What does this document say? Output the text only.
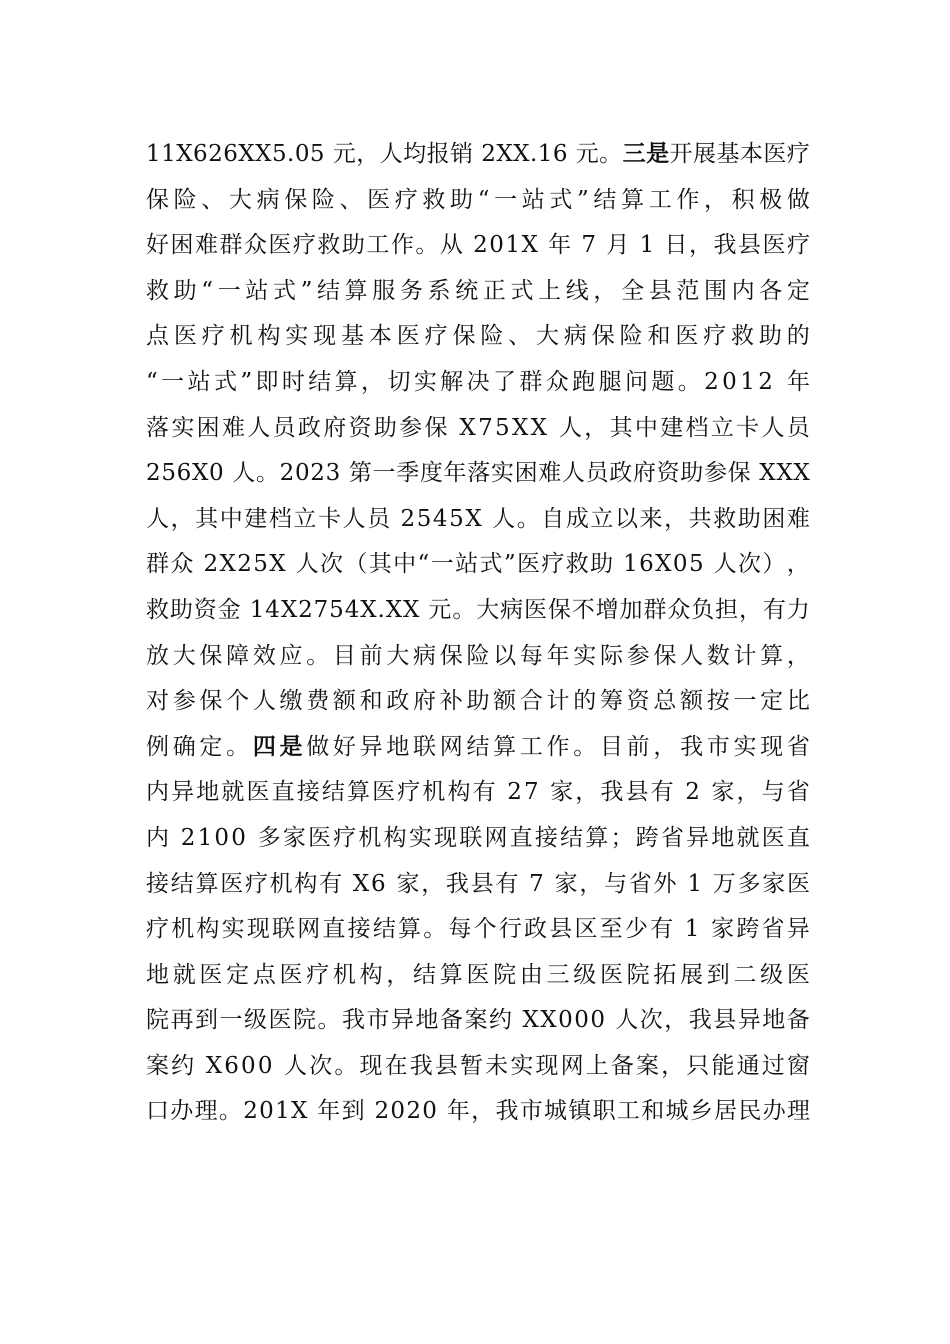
1 1 X 6 2 6 X X 5 . 0 5
元 ， 人 均 报 销
2 X X . 1 6
元 。 三 是 开 展 基 本 医 疗
保 险 、 大 病 保 险 、 医 疗 救 助 “ 一 站 式 ” 结 算 工 作 ， 积 极 做
好 困 难 群 众 医 疗 救 助 工 作 。 从
2 0 1 X
年
7
月
1
日 ， 我 县 医 疗
救 助 “ 一 站 式 ” 结 算 服 务 系 统 正 式 上 线 ， 全 县 范 围 内 各 定
点 医 疗 机 构 实 现 基 本 医 疗 保 险 、 大 病 保 险 和 医 疗 救 助 的
“ 一 站 式 ” 即 时 结 算 ， 切 实 解 决 了 群 众 跑 腿 问 题 。 2 0 1 2
年
落 实 困 难 人 员 政 府 资 助 参 保
X 7 5 X X
人 ， 其 中 建 档 立 卡 人 员
2 5 6 X 0
人 。 2 0 2 3
第 一 季 度 年 落 实 困 难 人 员 政 府 资 助 参 保
X X X
人 ， 其 中 建 档 立 卡 人 员
2 5 4 5 X
人 。 自 成 立 以 来 ， 共 救 助 困 难
群 众
2 X 2 5 X
人 次 （ 其 中 “ 一 站 式 ” 医 疗 救 助
1 6 X 0 5
人 次 ） ，
救 助 资 金
1 4 X 2 7 5 4 X . X X
元 。 大 病 医 保 不 增 加 群 众 负 担 ， 有 力
放 大 保 障 效 应 。 目 前 大 病 保 险 以 每 年 实 际 参 保 人 数 计 算 ，
对 参 保 个 人 缴 费 额 和 政 府 补 助 额 合 计 的 筹 资 总 额 按 一 定 比
例 确 定 。 四 是 做 好 异 地 联 网 结 算 工 作 。 目 前 ， 我 市 实 现 省
内 异 地 就 医 直 接 结 算 医 疗 机 构 有
2 7
家 ， 我 县 有
2
家 ， 与 省
内
2 1 0 0
多 家 医 疗 机 构 实 现 联 网 直 接 结 算 ； 跨 省 异 地 就 医 直
接 结 算 医 疗 机 构 有
X 6
家 ， 我 县 有
7
家 ， 与 省 外
1
万 多 家 医
疗 机 构 实 现 联 网 直 接 结 算 。 每 个 行 政 县 区 至 少 有
1
家 跨 省 异
地 就 医 定 点 医 疗 机 构 ， 结 算 医 院 由 三 级 医 院 拓 展 到 二 级 医
院 再 到 一 级 医 院 。 我 市 异 地 备 案 约
X X 0 0 0
人 次 ， 我 县 异 地 备
案 约
X 6 0 0
人 次 。 现 在 我 县 暂 未 实 现 网 上 备 案 ， 只 能 通 过 窗
口 办 理 。 2 0 1 X
年 到
2 0 2 0
年 ， 我 市 城 镇 职 工 和 城 乡 居 民 办 理
